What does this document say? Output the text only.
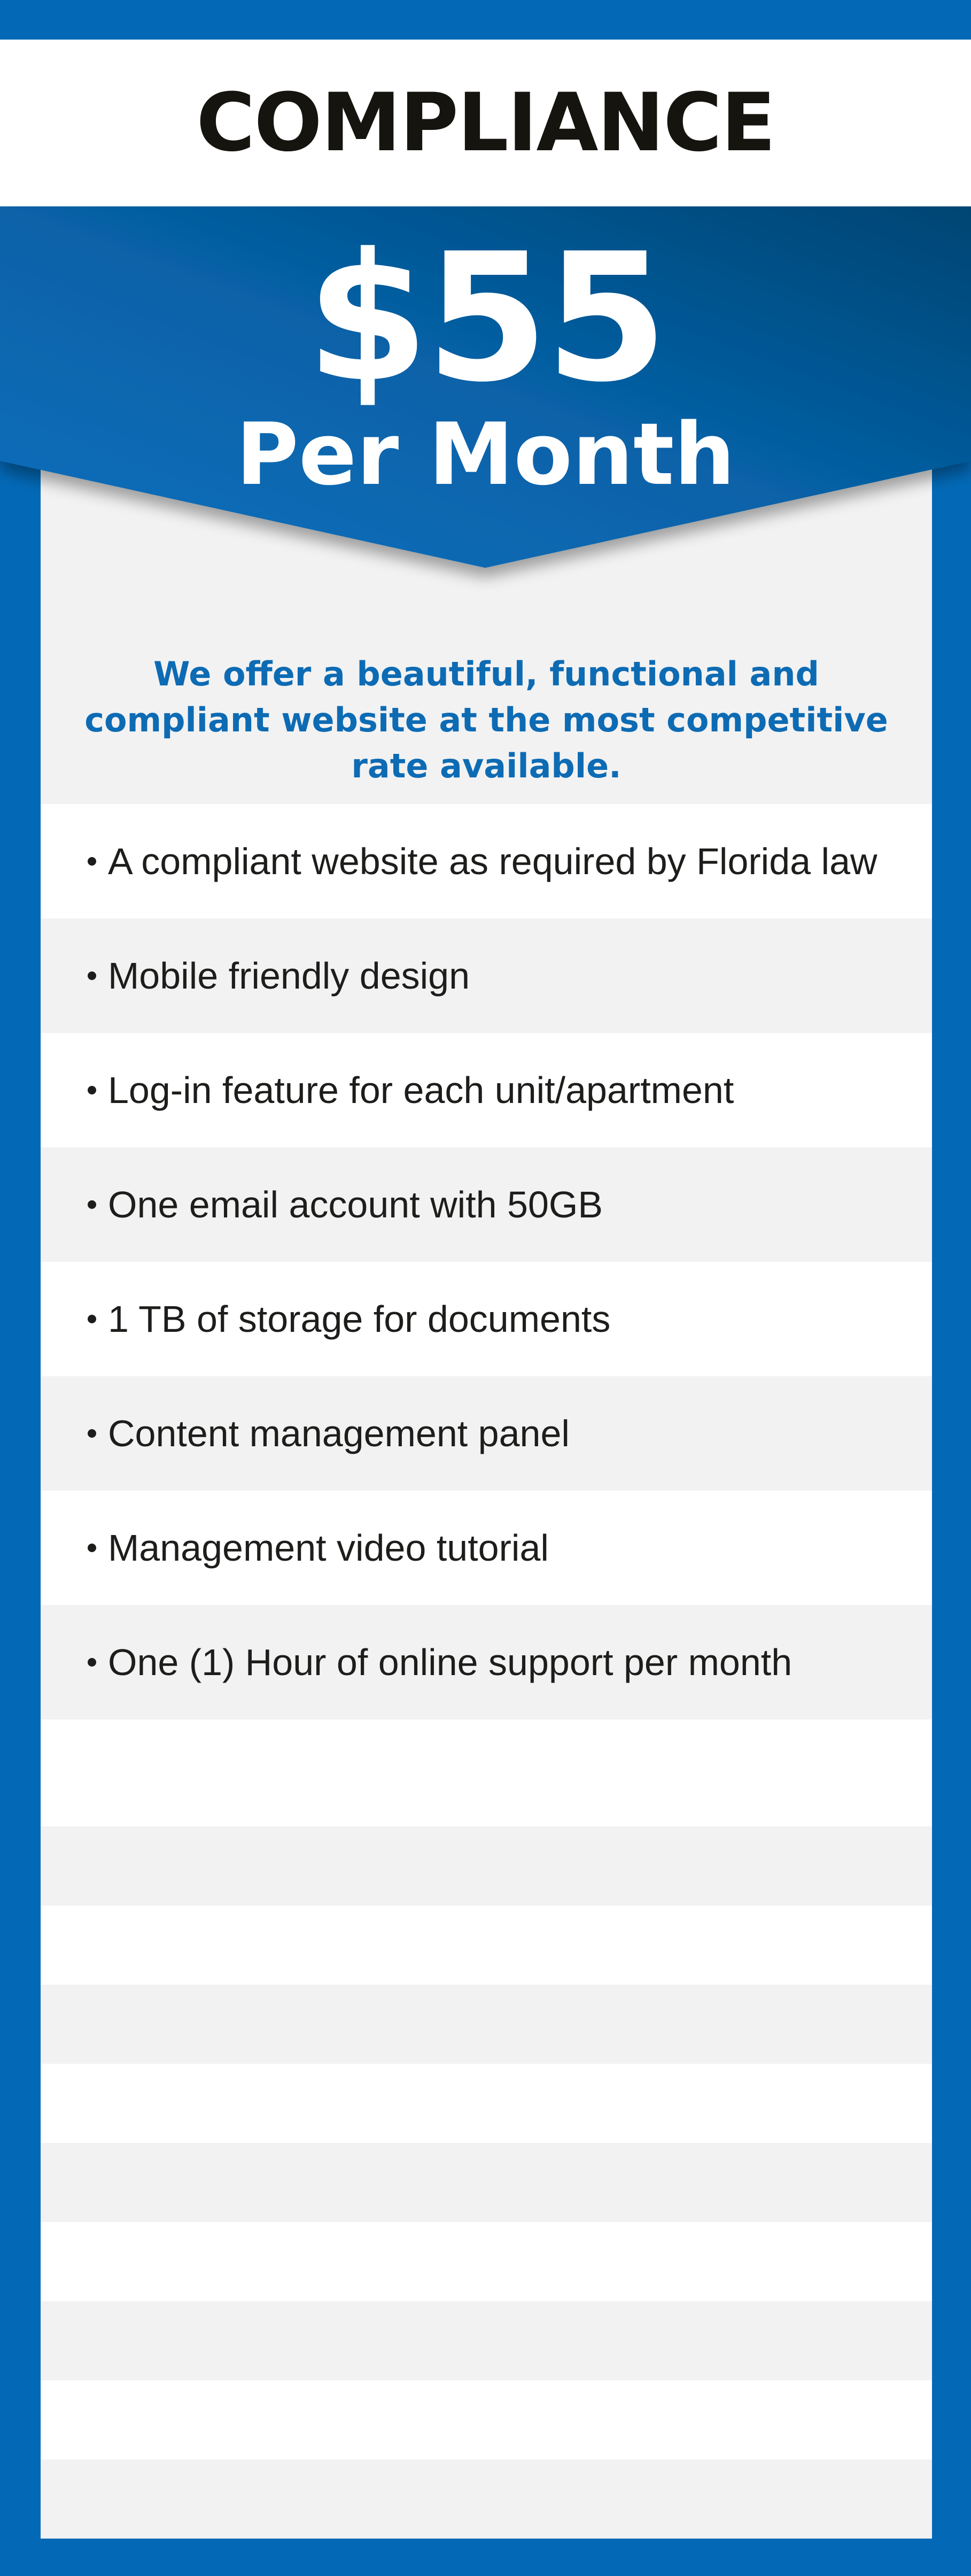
COMPLIANCE
$55
Per Month
We offer a beautiful, functional and compliant website at the most competitive rate available.
A compliant website as required by Florida law
Mobile friendly design
Log-in feature for each unit/apartment
One email account with 50GB
1 TB of storage for documents
Content management panel
Management video tutorial
One (1) Hour of online support per month
